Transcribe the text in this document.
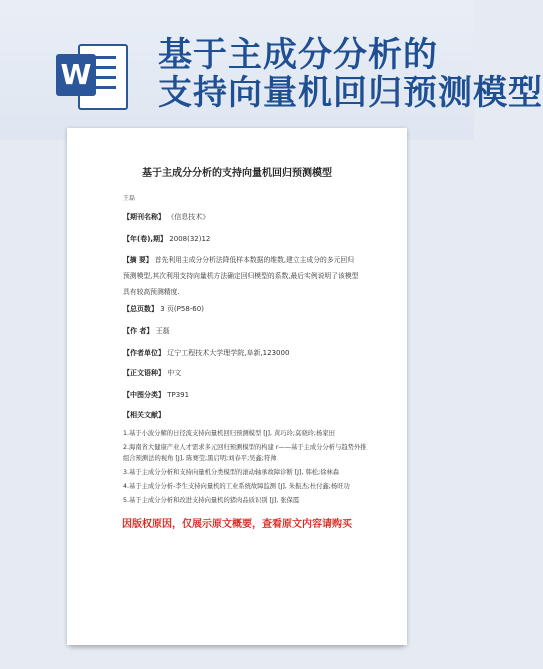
W 基于主成分分析的
支持向量机回归预测模型
基于主成分分析的支持向量机回归预测模型
王磊
【期刊名称】 《信息技术》
【年(卷),期】 2008(32)12
【摘 要】 首先利用主成分分析法降低样本数据的维数,建立主成分的多元回归预测模型,其次利用支持向量机方法确定回归模型的系数,最后实例说明了该模型具有较高预测精度.
【总页数】 3 页(P58-60)
【作 者】 王磊
【作者单位】 辽宁工程技术大学理学院,阜新,123000
【正文语种】 中文
【中图分类】 TP391
【相关文献】
1.基于小波分解的日径流支持向量机回归预测模型 [J], 黄巧玲;莫晓玲;杨家田
2.海南省大健康产业人才需求多元回归预测模型的构建 r——基于主成分分析与趋势外推组合预测法的视角 [J], 陈赛莹;黑启明;刘春平;吴鑫;符帅
3.基于主成分分析和支持向量机分类模型的滚动轴承故障诊断 [J], 韩松;徐林森
4.基于主成分分析-李生支持向量机的工业系统故障监测 [J], 朱振杰;杜付鑫;杨旺功
5.基于主成分分析和改进支持向量机的猪肉品质识别 [J], 张保霞
因版权原因，仅展示原文概要，查看原文内容请购买
